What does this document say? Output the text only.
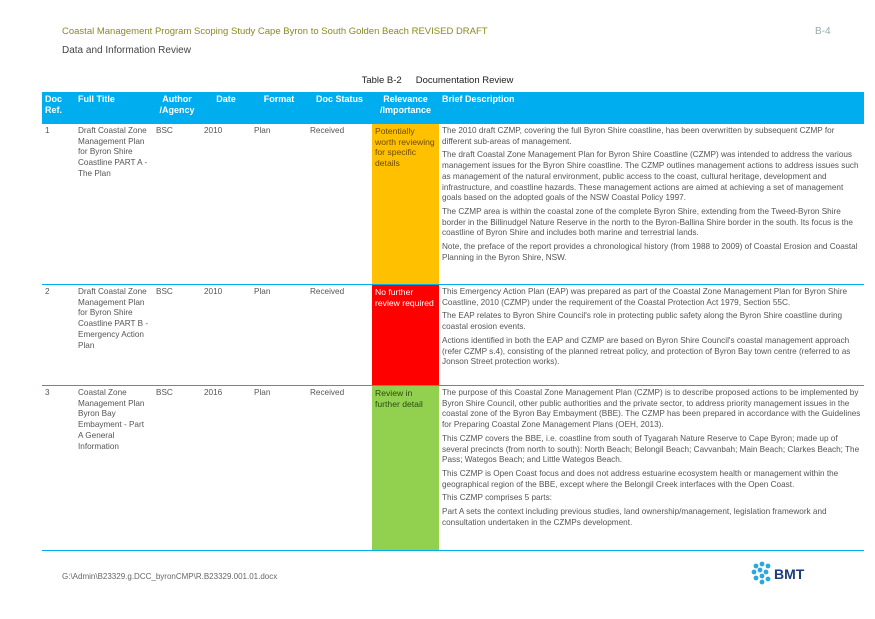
Coastal Management Program Scoping Study Cape Byron to South Golden Beach REVISED DRAFT	B-4
Data and Information Review
Table B-2 Documentation Review
Doc Ref.	Full Title	Author /Agency	Date	Format	Doc Status	Relevance /Importance	Brief Description
1	Draft Coastal Zone Management Plan for Byron Shire Coastline PART A - The Plan	BSC	2010	Plan	Received	Potentially worth reviewing for specific details	The 2010 draft CZMP, covering the full Byron Shire coastline, has been overwritten by subsequent CZMP for different sub-areas of management.

The draft Coastal Zone Management Plan for Byron Shire Coastline (CZMP) was intended to address the various management issues for the Byron Shire coastline. The CZMP outlines management actions to address issues such as management of the natural environment, public access to the coast, cultural heritage, development and infrastructure, and coastline hazards. These management actions are aimed at achieving a set of management goals based on the adopted goals of the NSW Coastal Policy 1997.

The CZMP area is within the coastal zone of the complete Byron Shire, extending from the Tweed-Byron Shire border in the Billinudgel Nature Reserve in the north to the Byron-Ballina Shire border in the south. Its focus is the coastline of Byron Shire and includes both marine and terrestrial lands.

Note, the preface of the report provides a chronological history (from 1988 to 2009) of Coastal Erosion and Coastal Planning in the Byron Shire, NSW.

2	Draft Coastal Zone Management Plan for Byron Shire Coastline PART B - Emergency Action Plan	BSC	2010	Plan	Received	No further review required	This Emergency Action Plan (EAP) was prepared as part of the Coastal Zone Management Plan for Byron Shire Coastline, 2010 (CZMP) under the requirement of the Coastal Protection Act 1979, Section 55C.

The EAP relates to Byron Shire Council's role in protecting public safety along the Byron Shire coastline during coastal erosion events.

Actions identified in both the EAP and CZMP are based on Byron Shire Council's coastal management approach (refer CZMP s.4), consisting of the planned retreat policy, and protection of Byron Bay town centre (referred to as Jonson Street protection works).

3	Coastal Zone Management Plan Byron Bay Embayment - Part A General Information	BSC	2016	Plan	Received	Review in further detail	The purpose of this Coastal Zone Management Plan (CZMP) is to describe proposed actions to be implemented by Byron Shire Council, other public authorities and the private sector, to address priority management issues in the coastal zone of the Byron Bay Embayment (BBE). The CZMP has been prepared in accordance with the Guidelines for Preparing Coastal Zone Management Plans (OEH, 2013).

This CZMP covers the BBE, i.e. coastline from south of Tyagarah Nature Reserve to Cape Byron; made up of several precincts (from north to south): North Beach; Belongil Beach; Cavvanbah; Main Beach; Clarkes Beach; The Pass; Wategos Beach; and Little Wategos Beach.

This CZMP is Open Coast focus and does not address estuarine ecosystem health or management within the geographical region of the BBE, except where the Belongil Creek interfaces with the Open Coast.

This CZMP comprises 5 parts:

Part A sets the context including previous studies, land ownership/management, legislation framework and consultation undertaken in the CZMPs development.

G:\Admin\B23329.g.DCC_byronCMP\R.B23329.001.01.docx	BMT
